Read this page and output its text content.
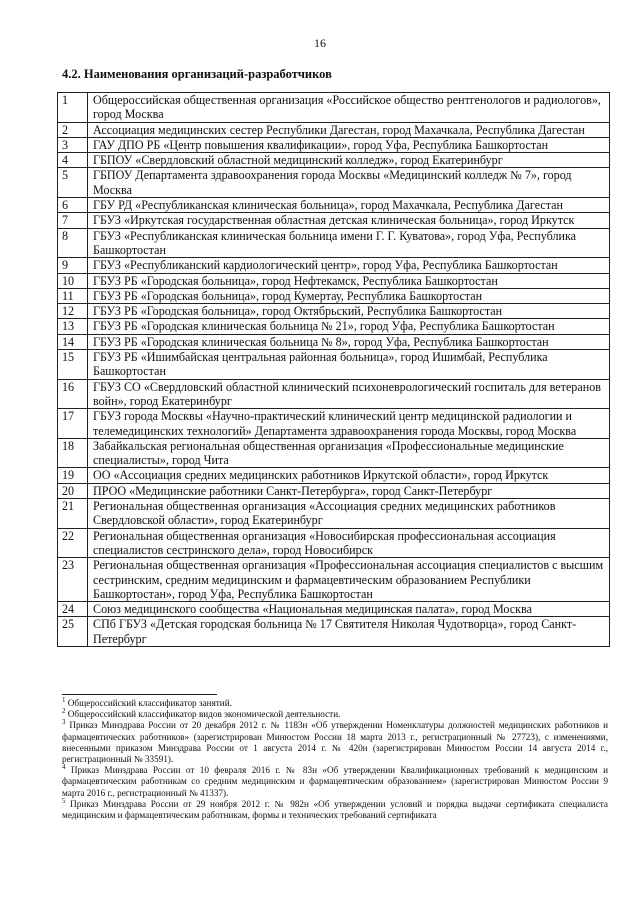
16
4.2. Наименования организаций-разработчиков
1	Общероссийская общественная организация «Российское общество рентгенологов и радиологов», город Москва
2	Ассоциация медицинских сестер Республики Дагестан, город Махачкала, Республика Дагестан
3	ГАУ ДПО РБ «Центр повышения квалификации», город Уфа, Республика Башкортостан
4	ГБПОУ «Свердловский областной медицинский колледж», город Екатеринбург
5	ГБПОУ Департамента здравоохранения города Москвы «Медицинский колледж № 7», город Москва
6	ГБУ РД «Республиканская клиническая больница», город Махачкала, Республика Дагестан
7	ГБУЗ «Иркутская государственная областная детская клиническая больница», город Иркутск
8	ГБУЗ «Республиканская клиническая больница имени Г. Г. Куватова», город Уфа, Республика Башкортостан
9	ГБУЗ «Республиканский кардиологический центр», город Уфа, Республика Башкортостан
10	ГБУЗ РБ «Городская больница», город Нефтекамск, Республика Башкортостан
11	ГБУЗ РБ «Городская больница», город Кумертау, Республика Башкортостан
12	ГБУЗ РБ «Городская больница», город Октябрьский, Республика Башкортостан
13	ГБУЗ РБ «Городская клиническая больница № 21», город Уфа, Республика Башкортостан
14	ГБУЗ РБ «Городская клиническая больница № 8», город Уфа, Республика Башкортостан
15	ГБУЗ РБ «Ишимбайская центральная районная больница», город Ишимбай, Республика Башкортостан
16	ГБУЗ СО «Свердловский областной клинический психоневрологический госпиталь для ветеранов войн», город Екатеринбург
17	ГБУЗ города Москвы «Научно-практический клинический центр медицинской радиологии и телемедицинских технологий» Департамента здравоохранения города Москвы, город Москва
18	Забайкальская региональная общественная организация «Профессиональные медицинские специалисты», город Чита
19	ОО «Ассоциация средних медицинских работников Иркутской области», город Иркутск
20	ПРОО «Медицинские работники Санкт-Петербурга», город Санкт-Петербург
21	Региональная общественная организация «Ассоциация средних медицинских работников Свердловской области», город Екатеринбург
22	Региональная общественная организация «Новосибирская профессиональная ассоциация специалистов сестринского дела», город Новосибирск
23	Региональная общественная организация «Профессиональная ассоциация специалистов с высшим сестринским, средним медицинским и фармацевтическим образованием Республики Башкортостан», город Уфа, Республика Башкортостан
24	Союз медицинского сообщества «Национальная медицинская палата», город Москва
25	СПб ГБУЗ «Детская городская больница № 17 Святителя Николая Чудотворца», город Санкт-Петербург

$^1$ Общероссийский классификатор занятий.

$^2$ Общероссийский классификатор видов экономической деятельности.

$^3$ Приказ Минздрава России от 20 декабря 2012 г. № 1183н «Об утверждении Номенклатуры должностей медицинских работников и фармацевтических работников» (зарегистрирован Минюстом России 18 марта 2013 г., регистрационный № 27723), с изменениями, внесенными приказом Минздрава России от 1 августа 2014 г. № 420н (зарегистрирован Минюстом России 14 августа 2014 г., регистрационный № 33591).

$^4$ Приказ Минздрава России от 10 февраля 2016 г. № 83н «Об утверждении Квалификационных требований к медицинским и фармацевтическим работникам со средним медицинским и фармацевтическим образованием» (зарегистрирован Минюстом России 9 марта 2016 г., регистрационный № 41337).

$^5$ Приказ Минздрава России от 29 ноября 2012 г. № 982н «Об утверждении условий и порядка выдачи сертификата специалиста медицинским и фармацевтическим работникам, формы и технических требований сертификата
